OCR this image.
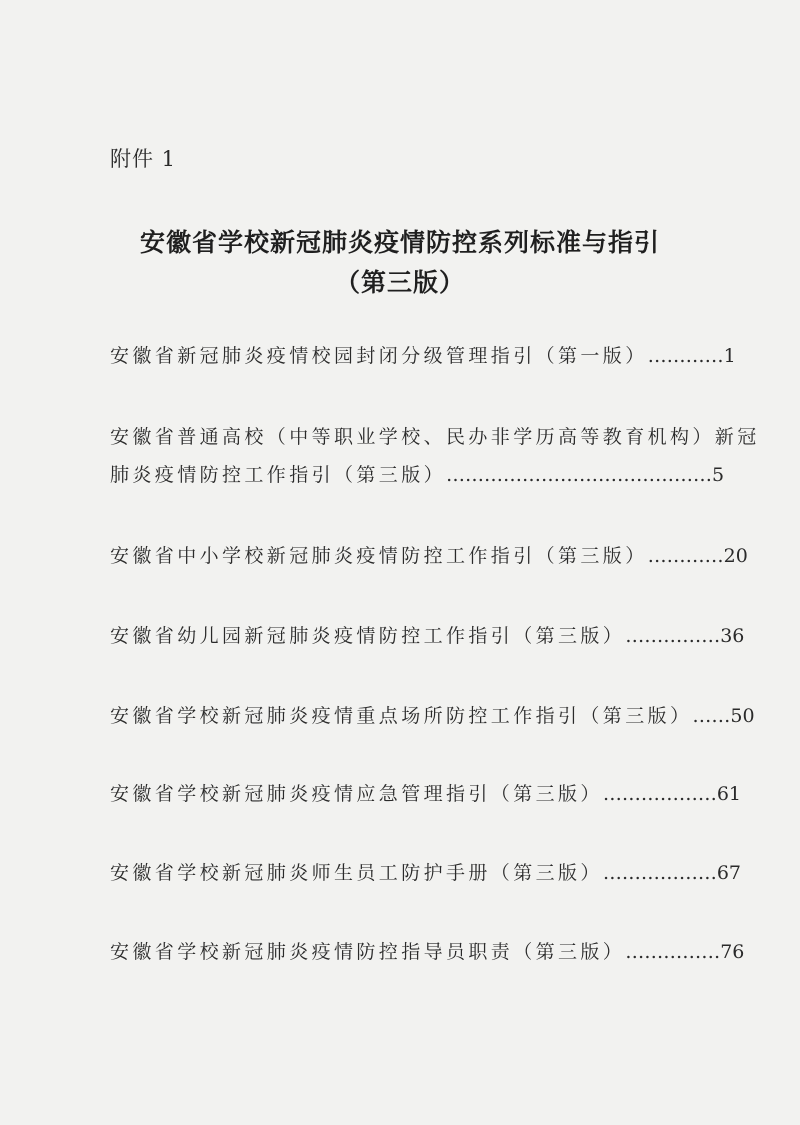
附件 1
安徽省学校新冠肺炎疫情防控系列标准与指引
（第三版）
安徽省新冠肺炎疫情校园封闭分级管理指引（第一版）…………1
安徽省普通高校（中等职业学校、民办非学历高等教育机构）新冠
肺炎疫情防控工作指引（第三版）……………………………………5
安徽省中小学校新冠肺炎疫情防控工作指引（第三版）…………20
安徽省幼儿园新冠肺炎疫情防控工作指引（第三版）……………36
安徽省学校新冠肺炎疫情重点场所防控工作指引（第三版）……50
安徽省学校新冠肺炎疫情应急管理指引（第三版）………………61
安徽省学校新冠肺炎师生员工防护手册（第三版）………………67
安徽省学校新冠肺炎疫情防控指导员职责（第三版）……………76
